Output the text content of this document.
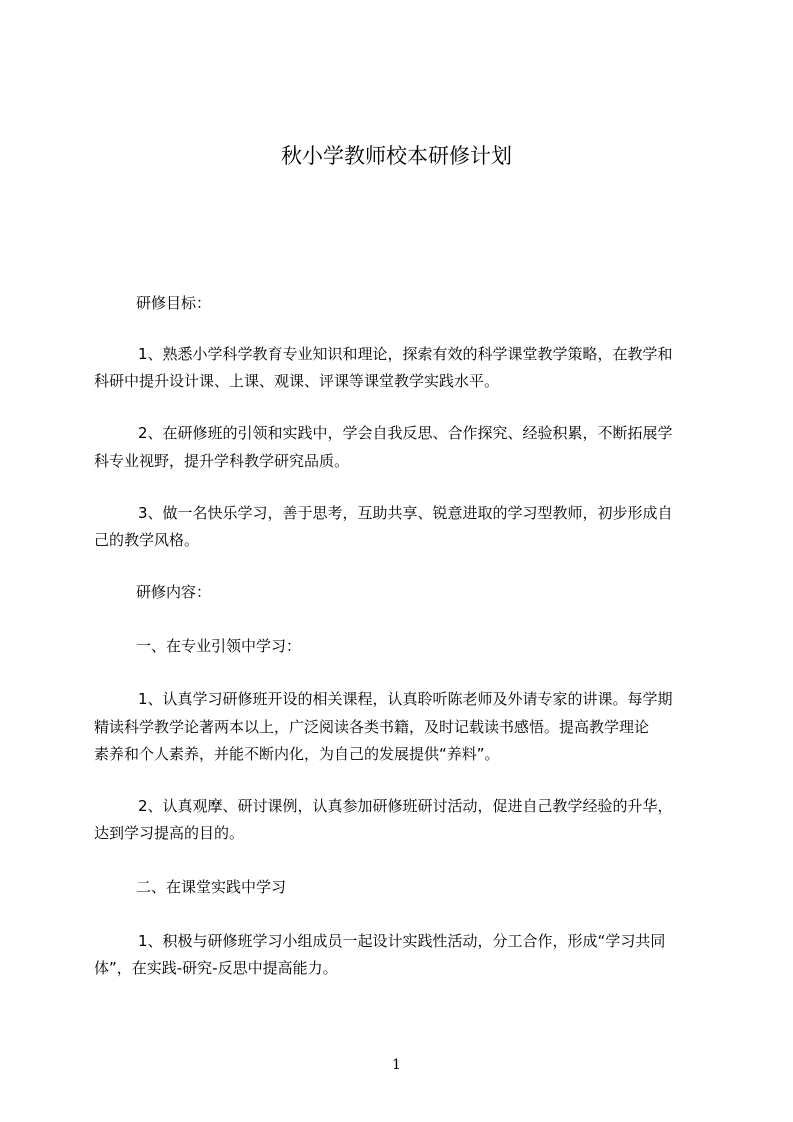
秋小学教师校本研修计划
研修目标：
1、熟悉小学科学教育专业知识和理论，探索有效的科学课堂教学策略，在教学和
科研中提升设计课、上课、观课、评课等课堂教学实践水平。
2、在研修班的引领和实践中，学会自我反思、合作探究、经验积累，不断拓展学
科专业视野，提升学科教学研究品质。
3、做一名快乐学习，善于思考，互助共享、锐意进取的学习型教师，初步形成自
己的教学风格。
研修内容：
一、在专业引领中学习：
1、认真学习研修班开设的相关课程，认真聆听陈老师及外请专家的讲课。每学期
精读科学教学论著两本以上，广泛阅读各类书籍，及时记载读书感悟。提高教学理论
素养和个人素养，并能不断内化，为自己的发展提供“养料”。
2、认真观摩、研讨课例，认真参加研修班研讨活动，促进自己教学经验的升华，
达到学习提高的目的。
二、在课堂实践中学习
1、积极与研修班学习小组成员一起设计实践性活动，分工合作，形成“学习共同
体”，在实践-研究-反思中提高能力。
1
